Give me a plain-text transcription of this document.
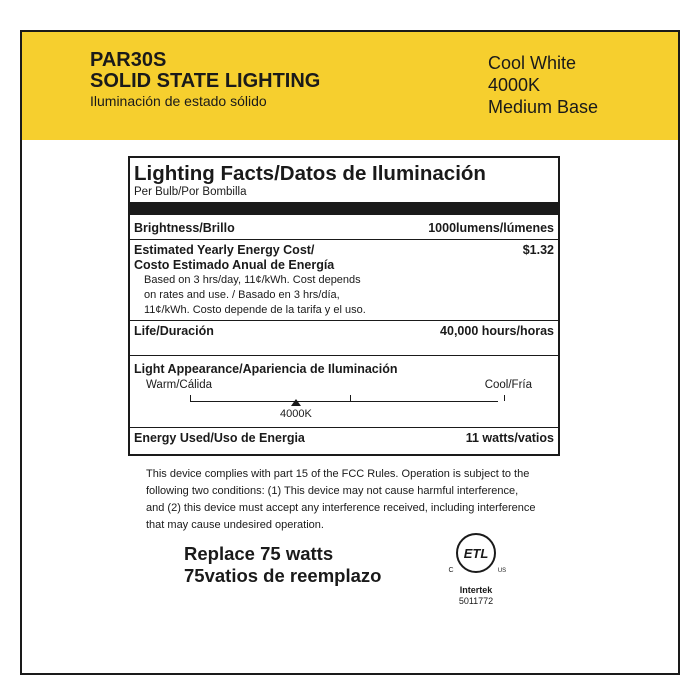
PAR30S
SOLID STATE LIGHTING
Iluminación de estado sólido
Cool White
4000K
Medium Base
Lighting Facts/Datos de Iluminación
Per Bulb/Por Bombilla
Brightness/Brillo	1000lumens/lúmenes
Estimated Yearly Energy Cost/	$1.32
Costo Estimado Anual de Energía
Based on 3 hrs/day, 11¢/kWh. Cost depends
on rates and use. / Basado en 3 hrs/día,
11¢/kWh. Costo depende de la tarifa y el uso.
Life/Duración	40,000 hours/horas
Light Appearance/Apariencia de Iluminación
Warm/Cálida	Cool/Fría
4000K
Energy Used/Uso de Energia	11 watts/vatios
This device complies with part 15 of the FCC Rules. Operation is subject to the
following two conditions: (1) This device may not cause harmful interference,
and (2) this device must accept any interference received, including interference
that may cause undesired operation.
Replace 75 watts
75vatios de reemplazo
ETL
C	US
Intertek
5011772
